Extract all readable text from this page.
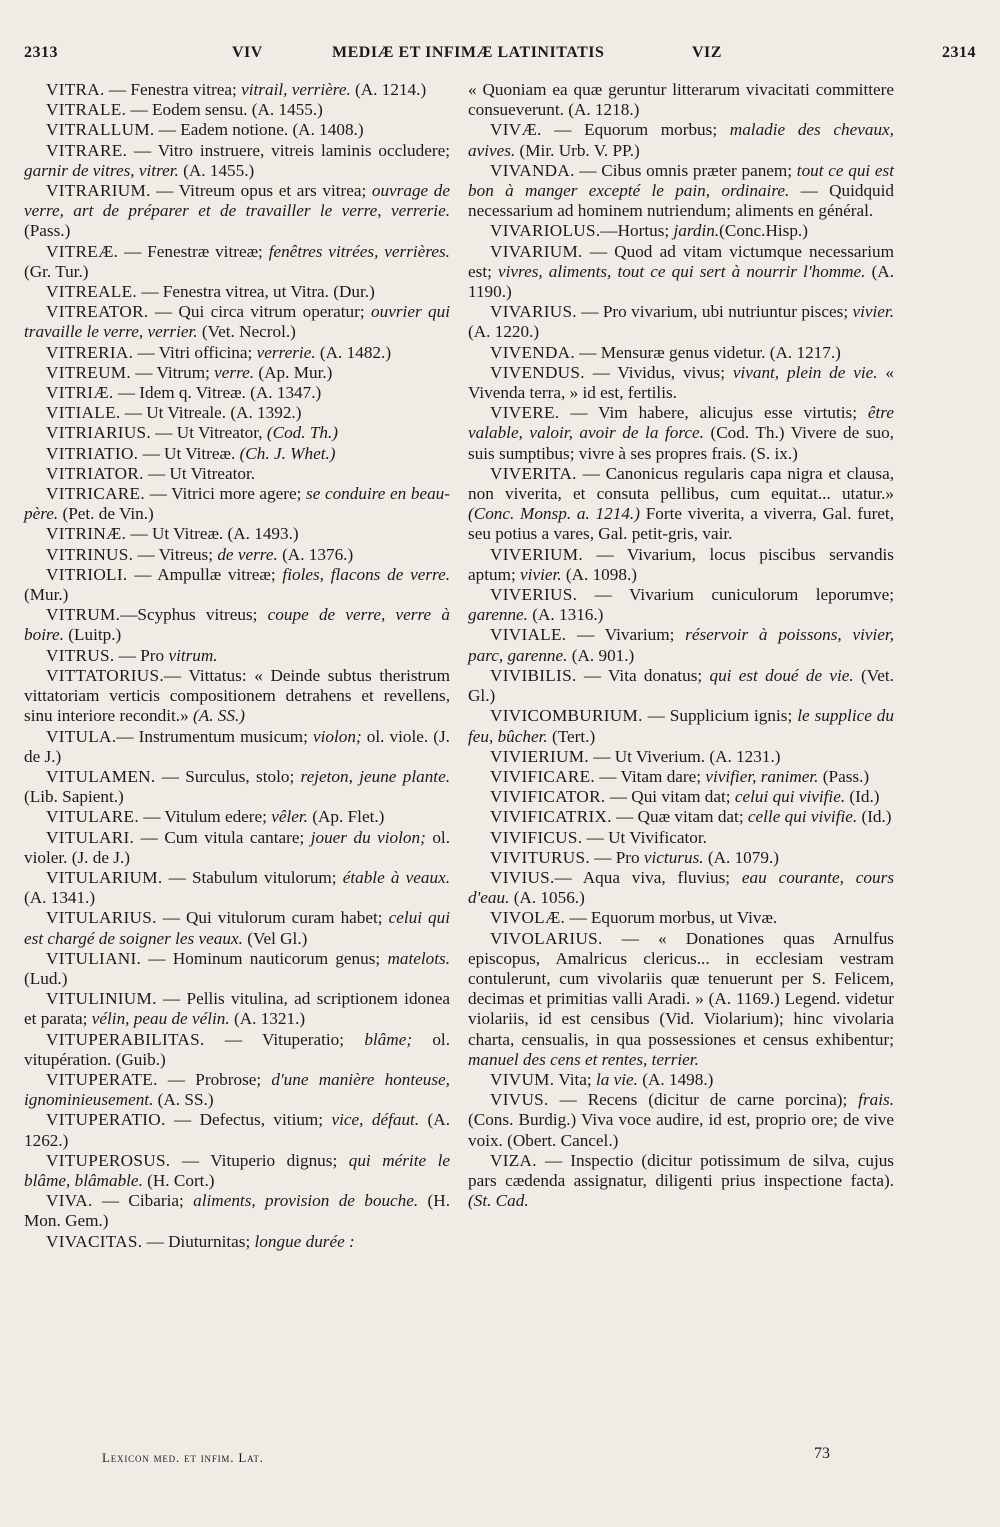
2313	VIV	MEDIÆ ET INFIMÆ LATINITATIS	VIZ	2314

VITRA. — Fenestra vitrea; vitrail, verrière. (A. 1214.)

VITRALE. — Eodem sensu. (A. 1455.)

VITRALLUM. — Eadem notione. (A. 1408.)

VITRARE. — Vitro instruere, vitreis laminis occludere; garnir de vitres, vitrer. (A. 1455.)

VITRARIUM. — Vitreum opus et ars vitrea; ouvrage de verre, art de préparer et de travailler le verre, verrerie. (Pass.)

VITREÆ. — Fenestræ vitreæ; fenêtres vitrées, verrières. (Gr. Tur.)

VITREALE. — Fenestra vitrea, ut Vitra. (Dur.)

VITREATOR. — Qui circa vitrum operatur; ouvrier qui travaille le verre, verrier. (Vet. Necrol.)

VITRERIA. — Vitri officina; verrerie. (A. 1482.)

VITREUM. — Vitrum; verre. (Ap. Mur.)

VITRIÆ. — Idem q. Vitreæ. (A. 1347.)

VITIALE. — Ut Vitreale. (A. 1392.)

VITRIARIUS. — Ut Vitreator, (Cod. Th.)

VITRIATIO. — Ut Vitreæ. (Ch. J. Whet.)

VITRIATOR. — Ut Vitreator.

VITRICARE. — Vitrici more agere; se conduire en beau-père. (Pet. de Vin.)

VITRINÆ. — Ut Vitreæ. (A. 1493.)

VITRINUS. — Vitreus; de verre. (A. 1376.)

VITRIOLI. — Ampullæ vitreæ; fioles, flacons de verre. (Mur.)

VITRUM.—Scyphus vitreus; coupe de verre, verre à boire. (Luitp.)

VITRUS. — Pro vitrum.

VITTATORIUS.— Vittatus: « Deinde subtus theristrum vittatoriam verticis compositionem detrahens et revellens, sinu interiore recondit.» (A. SS.)

VITULA.— Instrumentum musicum; violon; ol. viole. (J. de J.)

VITULAMEN. — Surculus, stolo; rejeton, jeune plante. (Lib. Sapient.)

VITULARE. — Vitulum edere; vêler. (Ap. Flet.)

VITULARI. — Cum vitula cantare; jouer du violon; ol. violer. (J. de J.)

VITULARIUM. — Stabulum vitulorum; étable à veaux. (A. 1341.)

VITULARIUS. — Qui vitulorum curam habet; celui qui est chargé de soigner les veaux. (Vel Gl.)

VITULIANI. — Hominum nauticorum genus; matelots. (Lud.)

VITULINIUM. — Pellis vitulina, ad scriptionem idonea et parata; vélin, peau de vélin. (A. 1321.)

VITUPERABILITAS. — Vituperatio; blâme; ol. vitupération. (Guib.)

VITUPERATE. — Probrose; d'une manière honteuse, ignominieusement. (A. SS.)

VITUPERATIO. — Defectus, vitium; vice, défaut. (A. 1262.)

VITUPEROSUS. — Vituperio dignus; qui mérite le blâme, blâmable. (H. Cort.)

VIVA. — Cibaria; aliments, provision de bouche. (H. Mon. Gem.)

VIVACITAS. — Diuturnitas; longue durée :

« Quoniam ea quæ geruntur litterarum vivacitati committere consueverunt. (A. 1218.)

VIVÆ. — Equorum morbus; maladie des chevaux, avives. (Mir. Urb. V. PP.)

VIVANDA. — Cibus omnis præter panem; tout ce qui est bon à manger excepté le pain, ordinaire. — Quidquid necessarium ad hominem nutriendum; aliments en général.

VIVARIOLUS.—Hortus; jardin.(Conc.Hisp.)

VIVARIUM. — Quod ad vitam victumque necessarium est; vivres, aliments, tout ce qui sert à nourrir l'homme. (A. 1190.)

VIVARIUS. — Pro vivarium, ubi nutriuntur pisces; vivier. (A. 1220.)

VIVENDA. — Mensuræ genus videtur. (A. 1217.)

VIVENDUS. — Vividus, vivus; vivant, plein de vie. « Vivenda terra, » id est, fertilis.

VIVERE. — Vim habere, alicujus esse virtutis; être valable, valoir, avoir de la force. (Cod. Th.) Vivere de suo, suis sumptibus; vivre à ses propres frais. (S. ix.)

VIVERITA. — Canonicus regularis capa nigra et clausa, non viverita, et consuta pellibus, cum equitat... utatur.» (Conc. Monsp. a. 1214.) Forte viverita, a viverra, Gal. furet, seu potius a vares, Gal. petit-gris, vair.

VIVERIUM. — Vivarium, locus piscibus servandis aptum; vivier. (A. 1098.)

VIVERIUS. — Vivarium cuniculorum leporumve; garenne. (A. 1316.)

VIVIALE. — Vivarium; réservoir à poissons, vivier, parc, garenne. (A. 901.)

VIVIBILIS. — Vita donatus; qui est doué de vie. (Vet. Gl.)

VIVICOMBURIUM. — Supplicium ignis; le supplice du feu, bûcher. (Tert.)

VIVIERIUM. — Ut Viverium. (A. 1231.)

VIVIFICARE. — Vitam dare; vivifier, ranimer. (Pass.)

VIVIFICATOR. — Qui vitam dat; celui qui vivifie. (Id.)

VIVIFICATRIX. — Quæ vitam dat; celle qui vivifie. (Id.)

VIVIFICUS. — Ut Vivificator.

VIVITURUS. — Pro victurus. (A. 1079.)

VIVIUS.— Aqua viva, fluvius; eau courante, cours d'eau. (A. 1056.)

VIVOLÆ. — Equorum morbus, ut Vivæ.

VIVOLARIUS. — « Donationes quas Arnulfus episcopus, Amalricus clericus... in ecclesiam vestram contulerunt, cum vivolariis quæ tenuerunt per S. Felicem, decimas et primitias valli Aradi. » (A. 1169.) Legend. videtur violariis, id est censibus (Vid. Violarium); hinc vivolaria charta, censualis, in qua possessiones et census exhibentur; manuel des cens et rentes, terrier.

VIVUM. Vita; la vie. (A. 1498.)

VIVUS. — Recens (dicitur de carne porcina); frais. (Cons. Burdig.) Viva voce audire, id est, proprio ore; de vive voix. (Obert. Cancel.)

VIZA. — Inspectio (dicitur potissimum de silva, cujus pars cædenda assignatur, diligenti prius inspectione facta). (St. Cad.

Lexicon med. et infim. Lat.	73
